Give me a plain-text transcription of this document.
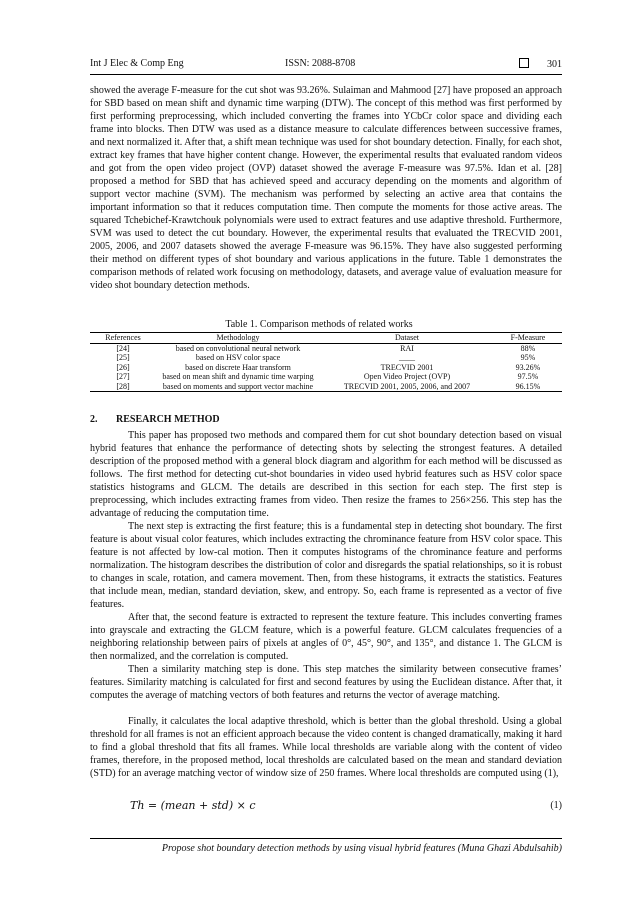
Int J Elec & Comp Eng	ISSN: 2088-8708	301

showed the average F-measure for the cut shot was 93.26%. Sulaiman and Mahmood [27] have proposed an approach for SBD based on mean shift and dynamic time warping (DTW). The concept of this method was first performed by first performing preprocessing, which included converting the frames into YCbCr color space and dividing each frame into blocks. Then DTW was used as a distance measure to calculate differences between successive frames, and next normalized it. After that, a shift mean technique was used for shot boundary detection. Finally, for each shot, extract key frames that have higher content change. However, the experimental results that evaluated random videos and got from the open video project (OVP) dataset showed the average F-measure was 97.5%. Idan et al. [28] proposed a method for SBD that has achieved speed and accuracy depending on the moments and algorithm of support vector machine (SVM). The mechanism was performed by selecting an active area that contains the important information so that it reduces computation time. Then compute the moments for those active areas. The squared Tchebichef-Krawtchouk polynomials were used to extract features and use adaptive threshold. Furthermore, SVM was used to detect the cut boundary. However, the experimental results that evaluated the TRECVID 2001, 2005, 2006, and 2007 datasets showed the average F-measure was 96.15%. They have also suggested performing their method on different types of shot boundary and various applications in the future. Table 1 demonstrates the comparison methods of related work focusing on methodology, datasets, and average value of evaluation measure for video shot boundary detection methods.

Table 1. Comparison methods of related works
References	Methodology	Dataset	F-Measure
[24]	based on convolutional neural network	RAI	88%
[25]	based on HSV color space	____	95%
[26]	based on discrete Haar transform	TRECVID 2001	93.26%
[27]	based on mean shift and dynamic time warping	Open Video Project (OVP)	97.5%
[28]	based on moments and support vector machine	TRECVID 2001, 2005, 2006, and 2007	96.15%
2. RESEARCH METHOD

This paper has proposed two methods and compared them for cut shot boundary detection based on visual hybrid features that enhance the performance of detecting shots by selecting the strongest features. A detailed description of the proposed method with a general block diagram and algorithm for each method will be discussed as follows. The first method for detecting cut-shot boundaries in video used hybrid features such as HSV color space statistics histograms and GLCM. The details are described in this section for each step. The first step is preprocessing, which includes extracting frames from video. Then resize the frames to 256×256. This step has the advantage of reducing the computation time.

The next step is extracting the first feature; this is a fundamental step in detecting shot boundary. The first feature is about visual color features, which includes extracting the chrominance feature from HSV color space. This feature is not affected by low-cal motion. Then it computes histograms of the chrominance feature and performs normalization. The histogram describes the distribution of color and disregards the spatial relationships, so it is robust to changes in scale, rotation, and camera movement. Then, from these histograms, it extracts the statistics. Features that include mean, median, standard deviation, skew, and entropy. So, each frame is represented as a vector of five features.

After that, the second feature is extracted to represent the texture feature. This includes converting frames into grayscale and extracting the GLCM feature, which is a powerful feature. GLCM calculates frequencies of a neighboring relationship between pairs of pixels at angles of 0°, 45°, 90°, and 135°, and distance 1. The GLCM is then normalized, and the correlation is computed.

Then a similarity matching step is done. This step matches the similarity between consecutive frames’ features. Similarity matching is calculated for first and second features by using the Euclidean distance. After that, it computes the average of matching vectors of both features and returns the vector of average matching.

Finally, it calculates the local adaptive threshold, which is better than the global threshold. Using a global threshold for all frames is not an efficient approach because the video content is changed dramatically, making it hard to find a global threshold that fits all frames. While local thresholds are variable along with the content of video frames, therefore, in the proposed method, local thresholds are calculated based on the mean and standard deviation (STD) for an average matching vector of window size of 250 frames. Where local thresholds are computed using (1),

Th = (mean + std) × c	(1)
Propose shot boundary detection methods by using visual hybrid features (Muna Ghazi Abdulsahib)
